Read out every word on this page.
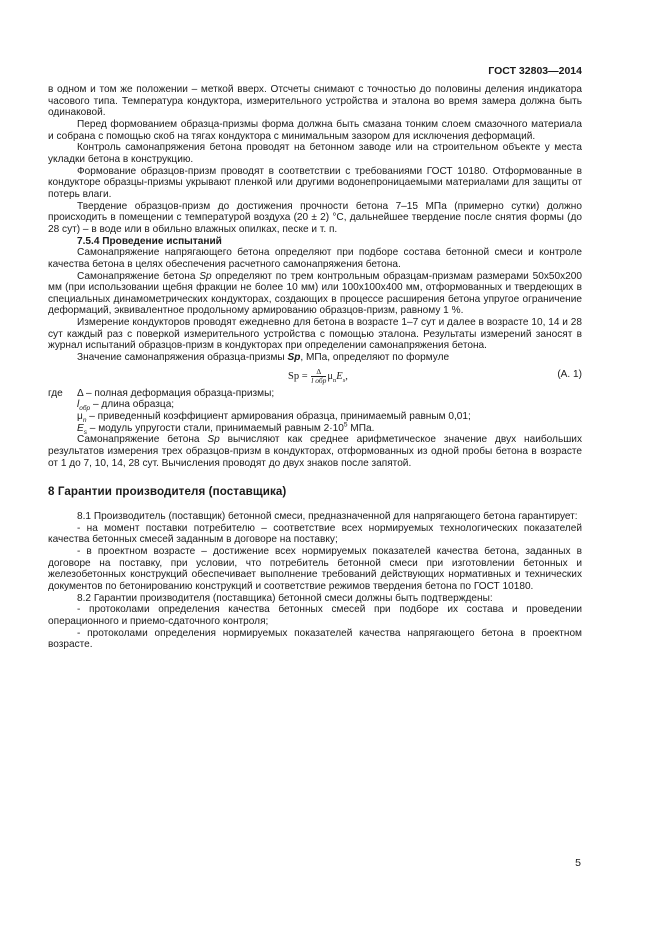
ГОСТ 32803—2014

в одном и том же положении – меткой вверх. Отсчеты снимают с точностью до половины деления индикатора часового типа. Температура кондуктора, измерительного устройства и эталона во время замера должна быть одинаковой.

Перед формованием образца-призмы форма должна быть смазана тонким слоем смазочного материала и собрана с помощью скоб на тягах кондуктора с минимальным зазором для исключения деформаций.

Контроль самонапряжения бетона проводят на бетонном заводе или на строительном объекте у места укладки бетона в конструкцию.

Формование образцов-призм проводят в соответствии с требованиями ГОСТ 10180. Отформованные в кондукторе образцы-призмы укрывают пленкой или другими водонепроницаемыми материалами для защиты от потерь влаги.

Твердение образцов-призм до достижения прочности бетона 7–15 МПа (примерно сутки) должно происходить в помещении с температурой воздуха (20 ± 2) °С, дальнейшее твердение после снятия формы (до 28 сут) – в воде или в обильно влажных опилках, песке и т. п.

7.5.4 Проведение испытаний

Самонапряжение напрягающего бетона определяют при подборе состава бетонной смеси и контроле качества бетона в целях обеспечения расчетного самонапряжения бетона.

Самонапряжение бетона Sp определяют по трем контрольным образцам-призмам размерами 50х50х200 мм (при использовании щебня фракции не более 10 мм) или 100х100х400 мм, отформованных и твердеющих в специальных динамометрических кондукторах, создающих в процессе расширения бетона упругое ограничение деформаций, эквивалентное продольному армированию образцов-призм, равному 1 %.

Измерение кондукторов проводят ежедневно для бетона в возрасте 1–7 сут и далее в возрасте 10, 14 и 28 сут каждый раз с поверкой измерительного устройства с помощью эталона. Результаты измерений заносят в журнал испытаний образцов-призм в кондукторах при определении самонапряжения бетона.

Значение самонапряжения образца-призмы Sp, МПа, определяют по формуле

$Sp = \frac{\Delta}{\text{l обр}} \mu_nE_s$,	(А. 1)
где Δ – полная деформация образца-призмы;
$l_{обр}$ – длина образца;
$\mu_n$ – приведенный коэффициент армирования образца, принимаемый равным 0,01;
$E_s$ – модуль упругости стали, принимаемый равным $2\cdot 10^5$ МПа.

Самонапряжение бетона Sp вычисляют как среднее арифметическое значение двух наибольших результатов измерения трех образцов-призм в кондукторах, отформованных из одной пробы бетона в возрасте от 1 до 7, 10, 14, 28 сут. Вычисления проводят до двух знаков после запятой.

8 Гарантии производителя (поставщика)

8.1 Производитель (поставщик) бетонной смеси, предназначенной для напрягающего бетона гарантирует:

- на момент поставки потребителю – соответствие всех нормируемых технологических показателей качества бетонных смесей заданным в договоре на поставку;

- в проектном возрасте – достижение всех нормируемых показателей качества бетона, заданных в договоре на поставку, при условии, что потребитель бетонной смеси при изготовлении бетонных и железобетонных конструкций обеспечивает выполнение требований действующих нормативных и технических документов по бетонированию конструкций и соответствие режимов твердения бетона по ГОСТ 10180.

8.2 Гарантии производителя (поставщика) бетонной смеси должны быть подтверждены:

- протоколами определения качества бетонных смесей при подборе их состава и проведении операционного и приемо-сдаточного контроля;

- протоколами определения нормируемых показателей качества напрягающего бетона в проектном возрасте.

5
